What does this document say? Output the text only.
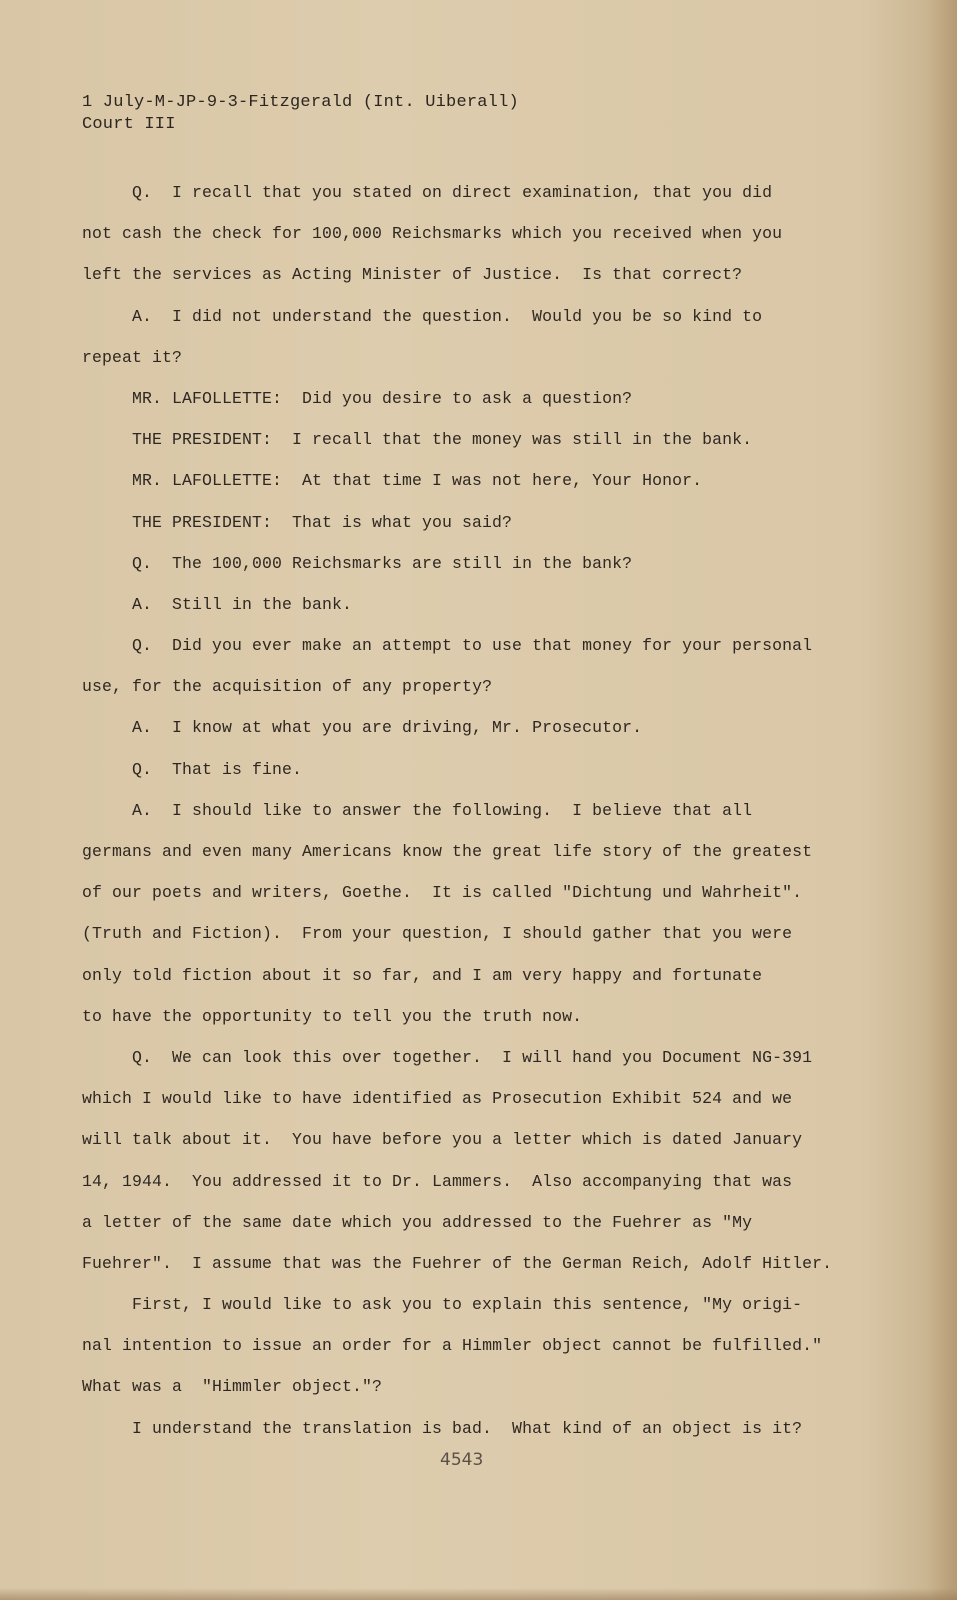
1 July-M-JP-9-3-Fitzgerald (Int. Uiberall)
Court III
Q.  I recall that you stated on direct examination, that you did
not cash the check for 100,000 Reichsmarks which you received when you
left the services as Acting Minister of Justice.  Is that correct?
A.  I did not understand the question.  Would you be so kind to
repeat it?
MR. LAFOLLETTE:  Did you desire to ask a question?
THE PRESIDENT:  I recall that the money was still in the bank.
MR. LAFOLLETTE:  At that time I was not here, Your Honor.
THE PRESIDENT:  That is what you said?
Q.  The 100,000 Reichsmarks are still in the bank?
A.  Still in the bank.
Q.  Did you ever make an attempt to use that money for your personal
use, for the acquisition of any property?
A.  I know at what you are driving, Mr. Prosecutor.
Q.  That is fine.
A.  I should like to answer the following.  I believe that all
germans and even many Americans know the great life story of the greatest
of our poets and writers, Goethe.  It is called "Dichtung und Wahrheit".
(Truth and Fiction).  From your question, I should gather that you were
only told fiction about it so far, and I am very happy and fortunate
to have the opportunity to tell you the truth now.
Q.  We can look this over together.  I will hand you Document NG-391
which I would like to have identified as Prosecution Exhibit 524 and we
will talk about it.  You have before you a letter which is dated January
14, 1944.  You addressed it to Dr. Lammers.  Also accompanying that was
a letter of the same date which you addressed to the Fuehrer as "My
Fuehrer".  I assume that was the Fuehrer of the German Reich, Adolf Hitler.
First, I would like to ask you to explain this sentence, "My origi-
nal intention to issue an order for a Himmler object cannot be fulfilled."
What was a  "Himmler object."?
I understand the translation is bad.  What kind of an object is it?
4543
